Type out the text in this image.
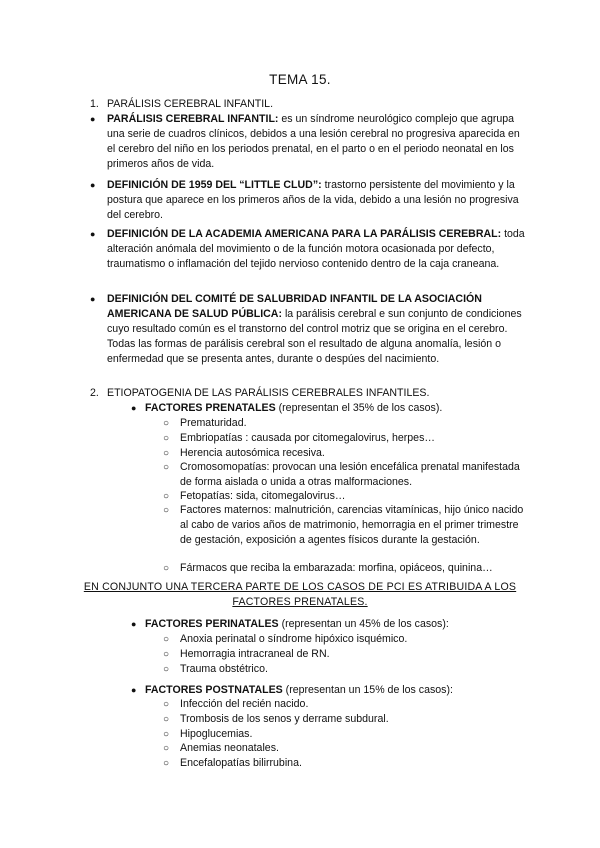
TEMA 15.
1. PARÁLISIS CEREBRAL INFANTIL.
● PARÁLISIS CEREBRAL INFANTIL: es un síndrome neurológico complejo que agrupa una serie de cuadros clínicos, debidos a una lesión cerebral no progresiva aparecida en el cerebro del niño en los periodos prenatal, en el parto o en el periodo neonatal en los primeros años de vida.
● DEFINICIÓN DE 1959 DEL “LITTLE CLUD”: trastorno persistente del movimiento y la postura que aparece en los primeros años de la vida, debido a una lesión no progresiva del cerebro.
● DEFINICIÓN DE LA ACADEMIA AMERICANA PARA LA PARÁLISIS CEREBRAL: toda alteración anómala del movimiento o de la función motora ocasionada por defecto, traumatismo o inflamación del tejido nervioso contenido dentro de la caja craneana.
● DEFINICIÓN DEL COMITÉ DE SALUBRIDAD INFANTIL DE LA ASOCIACIÓN AMERICANA DE SALUD PÚBLICA: la parálisis cerebral e sun conjunto de condiciones cuyo resultado común es el transtorno del control motriz que se origina en el cerebro. Todas las formas de parálisis cerebral son el resultado de alguna anomalía, lesión o enfermedad que se presenta antes, durante o despúes del nacimiento.
2. ETIOPATOGENIA DE LAS PARÁLISIS CEREBRALES INFANTILES.
● FACTORES PRENATALES (representan el 35% de los casos).
○ Prematuridad.
○ Embriopatías : causada por citomegalovirus, herpes…
○ Herencia autosómica recesiva.
○ Cromosomopatías: provocan una lesión encefálica prenatal manifestada de forma aislada o unida a otras malformaciones.
○ Fetopatías: sida, citomegalovirus…
○ Factores maternos: malnutrición, carencias vitamínicas, hijo único nacido al cabo de varios años de matrimonio, hemorragia en el primer trimestre de gestación, exposición a agentes físicos durante la gestación.
○ Fármacos que reciba la embarazada: morfina, opiáceos, quinina…
EN CONJUNTO UNA TERCERA PARTE DE LOS CASOS DE PCI ES ATRIBUIDA A LOS FACTORES PRENATALES.
● FACTORES PERINATALES (representan un 45% de los casos):
○ Anoxia perinatal o síndrome hipóxico isquémico.
○ Hemorragia intracraneal de RN.
○ Trauma obstétrico.
● FACTORES POSTNATALES (representan un 15% de los casos):
○ Infección del recién nacido.
○ Trombosis de los senos y derrame subdural.
○ Hipoglucemias.
○ Anemias neonatales.
○ Encefalopatías bilirrubina.
